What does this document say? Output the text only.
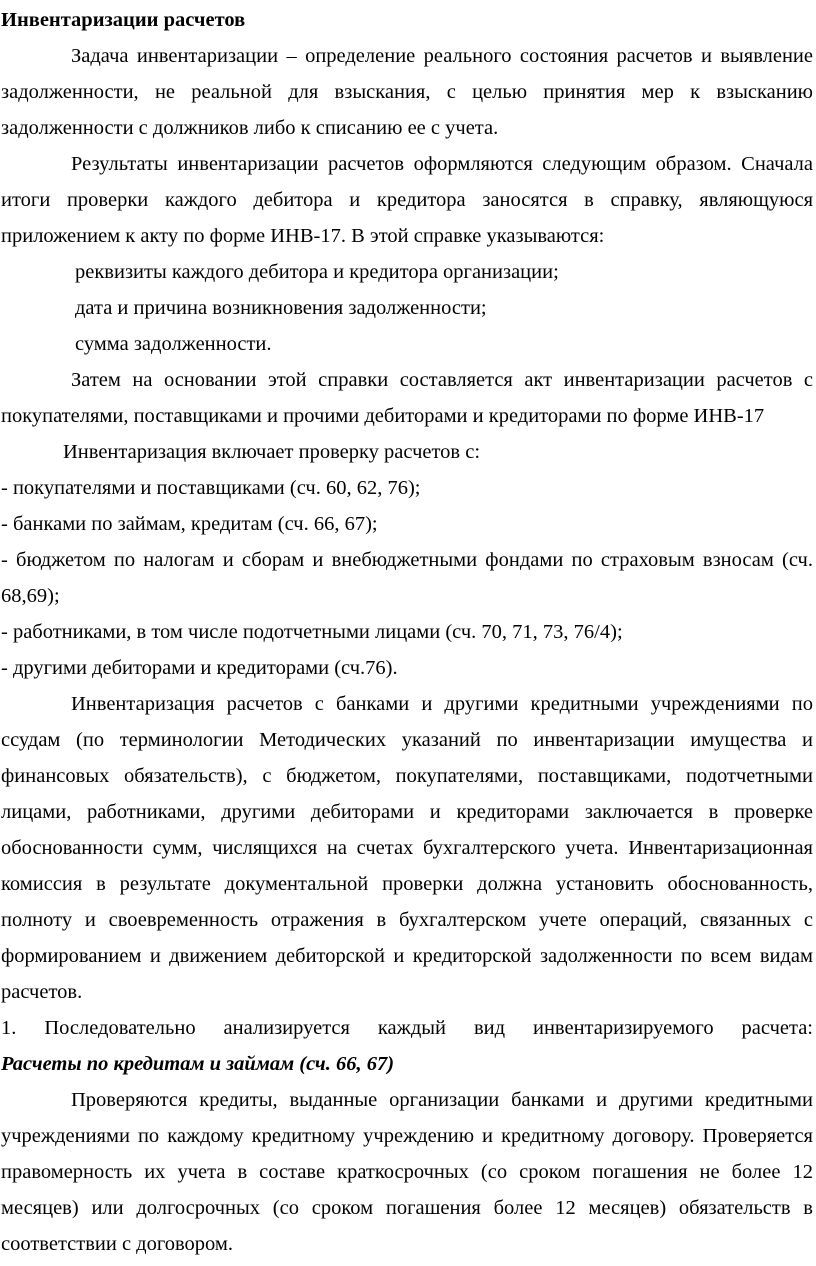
Инвентаризации расчетов

Задача инвентаризации – определение реального состояния расчетов и выявление задолженности, не реальной для взыскания, с целью принятия мер к взысканию задолженности с должников либо к списанию ее с учета.

Результаты инвентаризации расчетов оформляются следующим образом. Сначала итоги проверки каждого дебитора и кредитора заносятся в справку, являющуюся приложением к акту по форме ИНВ-17. В этой справке указываются:

реквизиты каждого дебитора и кредитора организации;

дата и причина возникновения задолженности;

сумма задолженности.

Затем на основании этой справки составляется акт инвентаризации расчетов с покупателями, поставщиками и прочими дебиторами и кредиторами по форме ИНВ-17

Инвентаризация включает проверку расчетов с:

- покупателями и поставщиками (сч. 60, 62, 76);

- банками по займам, кредитам (сч. 66, 67);

- бюджетом по налогам и сборам и внебюджетными фондами по страховым взносам (сч. 68,69);

- работниками, в том числе подотчетными лицами (сч. 70, 71, 73, 76/4);

- другими дебиторами и кредиторами (сч.76).

Инвентаризация расчетов с банками и другими кредитными учреждениями по ссудам (по терминологии Методических указаний по инвентаризации имущества и финансовых обязательств), с бюджетом, покупателями, поставщиками, подотчетными лицами, работниками, другими дебиторами и кредиторами заключается в проверке обоснованности сумм, числящихся на счетах бухгалтерского учета. Инвентаризационная комиссия в результате документальной проверки должна установить обоснованность, полноту и своевременность отражения в бухгалтерском учете операций, связанных с формированием и движением дебиторской и кредиторской задолженности по всем видам расчетов.

1. Последовательно анализируется каждый вид инвентаризируемого расчета:

Расчеты по кредитам и займам (сч. 66, 67)

Проверяются кредиты, выданные организации банками и другими кредитными учреждениями по каждому кредитному учреждению и кредитному договору. Проверяется правомерность их учета в составе краткосрочных (со сроком погашения не более 12 месяцев) или долгосрочных (со сроком погашения более 12 месяцев) обязательств в соответствии с договором.
